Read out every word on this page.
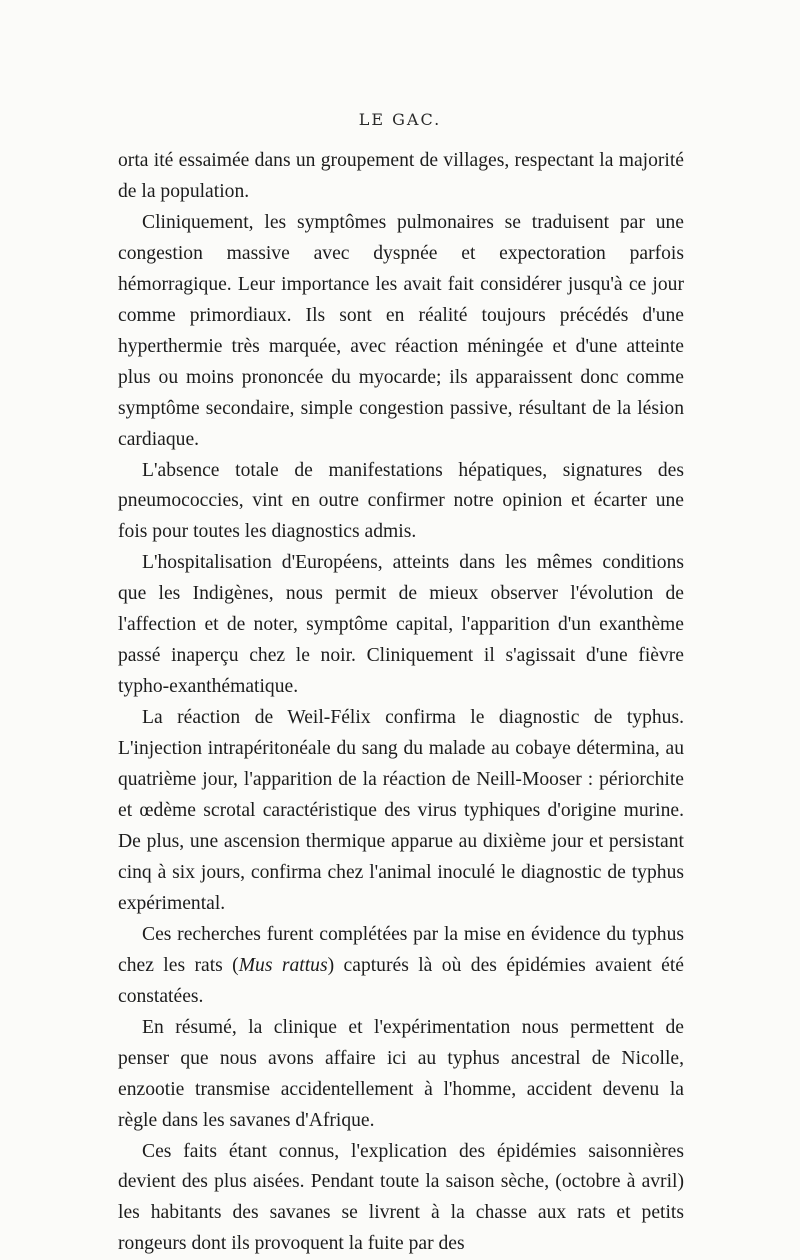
LE GAC.

orta ité essaimée dans un groupement de villages, respectant la majorité de la population.

Cliniquement, les symptômes pulmonaires se traduisent par une congestion massive avec dyspnée et expectoration parfois hémorragique. Leur importance les avait fait considérer jusqu'à ce jour comme primordiaux. Ils sont en réalité toujours précédés d'une hyperthermie très marquée, avec réaction méningée et d'une atteinte plus ou moins prononcée du myocarde; ils apparaissent donc comme symptôme secondaire, simple congestion passive, résultant de la lésion cardiaque.

L'absence totale de manifestations hépatiques, signatures des pneumococcies, vint en outre confirmer notre opinion et écarter une fois pour toutes les diagnostics admis.

L'hospitalisation d'Européens, atteints dans les mêmes conditions que les Indigènes, nous permit de mieux observer l'évolution de l'affection et de noter, symptôme capital, l'apparition d'un exanthème passé inaperçu chez le noir. Cliniquement il s'agissait d'une fièvre typho-exanthématique.

La réaction de Weil-Félix confirma le diagnostic de typhus. L'injection intrapéritonéale du sang du malade au cobaye détermina, au quatrième jour, l'apparition de la réaction de Neill-Mooser : périorchite et œdème scrotal caractéristique des virus typhiques d'origine murine. De plus, une ascension thermique apparue au dixième jour et persistant cinq à six jours, confirma chez l'animal inoculé le diagnostic de typhus expérimental.

Ces recherches furent complétées par la mise en évidence du typhus chez les rats (Mus rattus) capturés là où des épidémies avaient été constatées.

En résumé, la clinique et l'expérimentation nous permettent de penser que nous avons affaire ici au typhus ancestral de Nicolle, enzootie transmise accidentellement à l'homme, accident devenu la règle dans les savanes d'Afrique.

Ces faits étant connus, l'explication des épidémies saisonnières devient des plus aisées. Pendant toute la saison sèche, (octobre à avril) les habitants des savanes se livrent à la chasse aux rats et petits rongeurs dont ils provoquent la fuite par des
